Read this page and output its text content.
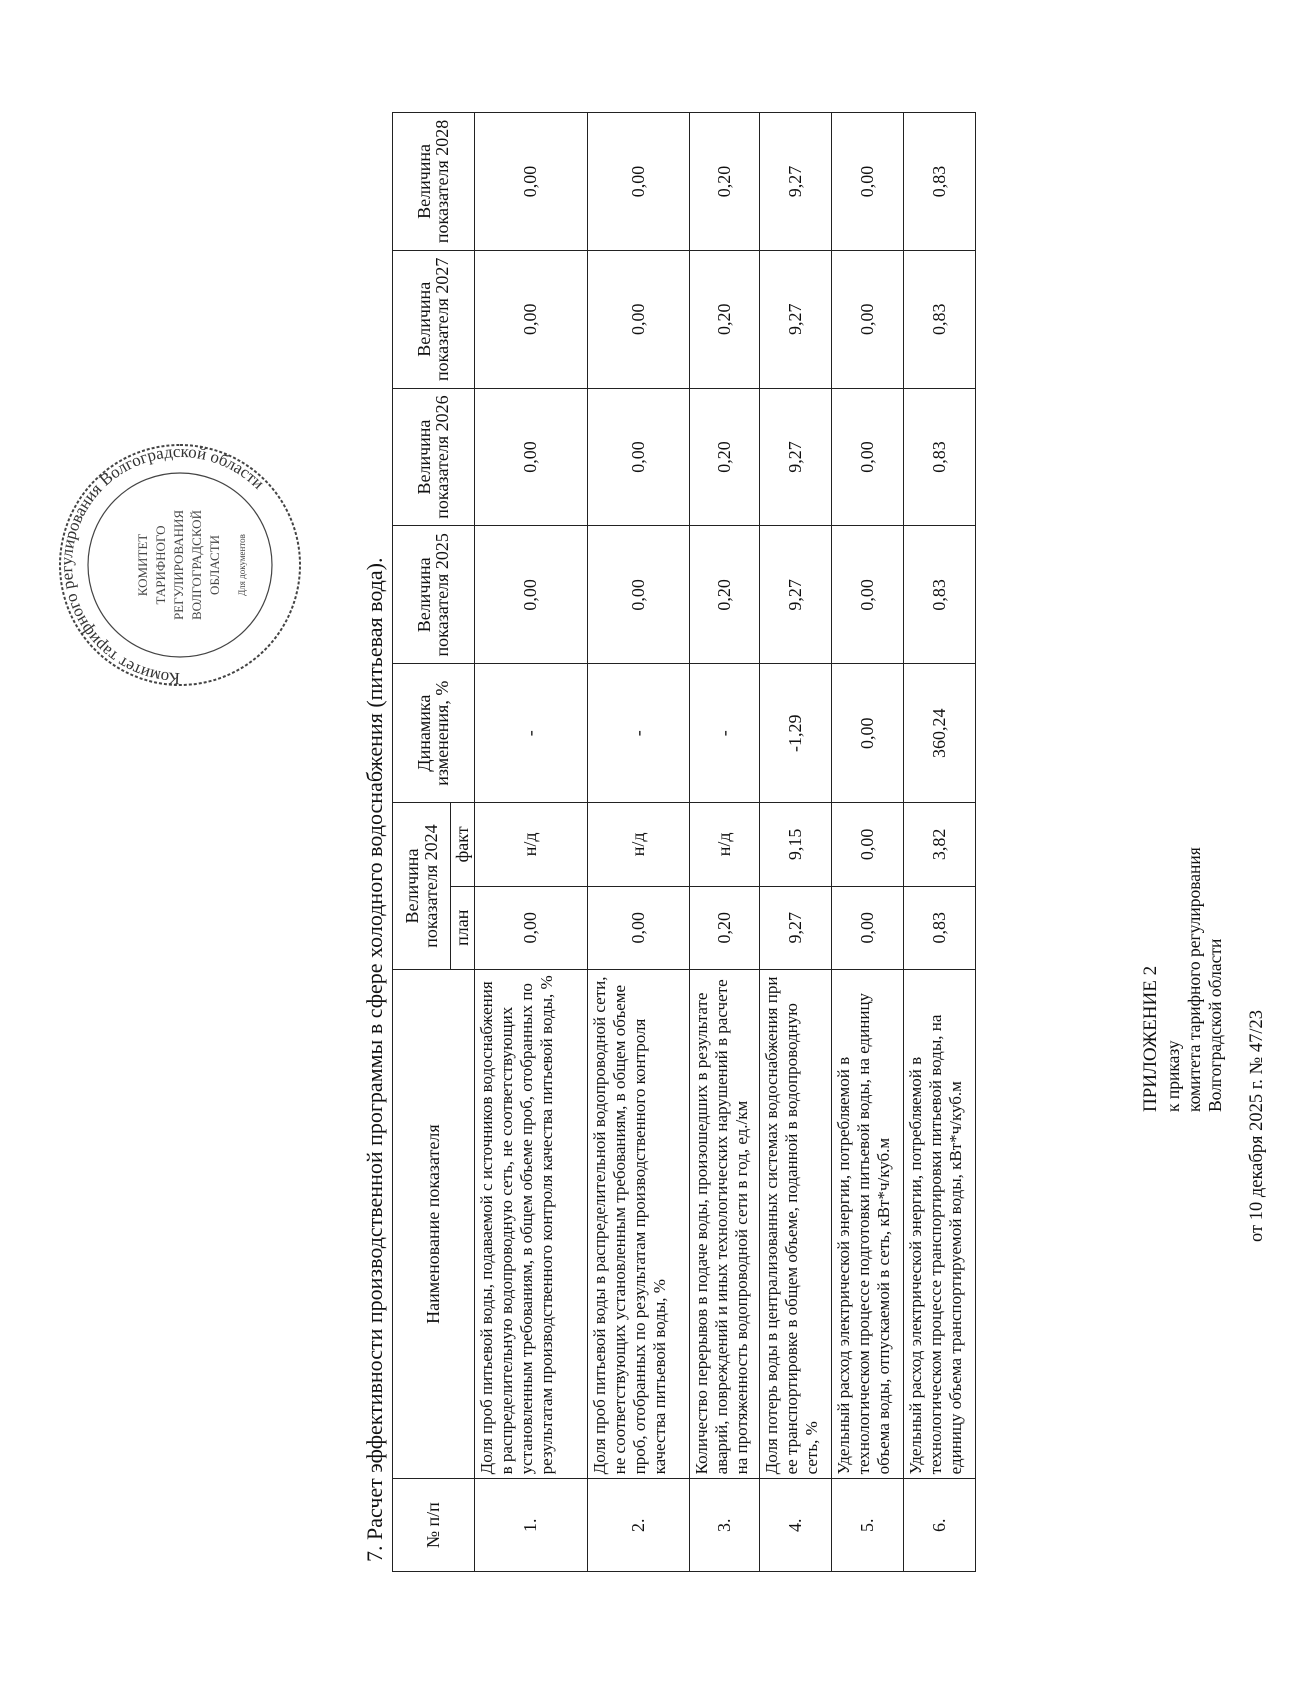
Комитет тарифного регулирования Волгоградской области
КОМИТЕТ ТАРИФНОГО РЕГУЛИРОВАНИЯ ВОЛГОГРАДСКОЙ ОБЛАСТИ Для документов
ПРИЛОЖЕНИЕ 2 к приказу комитета тарифного регулирования Волгоградской области от 10 декабря 2025 г. № 47/23
7. Расчет эффективности производственной программы в сфере холодного водоснабжения (питьевая вода). № п/п	Наименование показателя	Величина показателя 2024		Динамика изменения, %	Величина показателя 2025	Величина показателя 2026	Величина показателя 2027	Величина показателя 2028
		план	факт					
1.	Доля проб питьевой воды, подаваемой с источников водоснабжения в распределительную водопроводную сеть, не соответствующих установленным требованиям, в общем объеме проб, отобранных по результатам производственного контроля качества питьевой воды, %	0,00	н/д	-	0,00	0,00	0,00	0,00
2.	Доля проб питьевой воды в распределительной водопроводной сети, не соответствующих установленным требованиям, в общем объеме проб, отобранных по результатам производственного контроля качества питьевой воды, %	0,00	н/д	-	0,00	0,00	0,00	0,00
3.	Количество перерывов в подаче воды, произошедших в результате аварий, повреждений и иных технологических нарушений в расчете на протяженность водопроводной сети в год, ед./км	0,20	н/д	-	0,20	0,20	0,20	0,20
4.	Доля потерь воды в централизованных системах водоснабжения при ее транспортировке в общем объеме, поданной в водопроводную сеть, %	9,27	9,15	-1,29	9,27	9,27	9,27	9,27
5.	Удельный расход электрической энергии, потребляемой в технологическом процессе подготовки питьевой воды, на единицу объема воды, отпускаемой в сеть, кВт*ч/куб.м	0,00	0,00	0,00	0,00	0,00	0,00	0,00
6.	Удельный расход электрической энергии, потребляемой в технологическом процессе транспортировки питьевой воды, на единицу объема транспортируемой воды, кВт*ч/куб.м	0,83	3,82	360,24	0,83	0,83	0,83	0,83
